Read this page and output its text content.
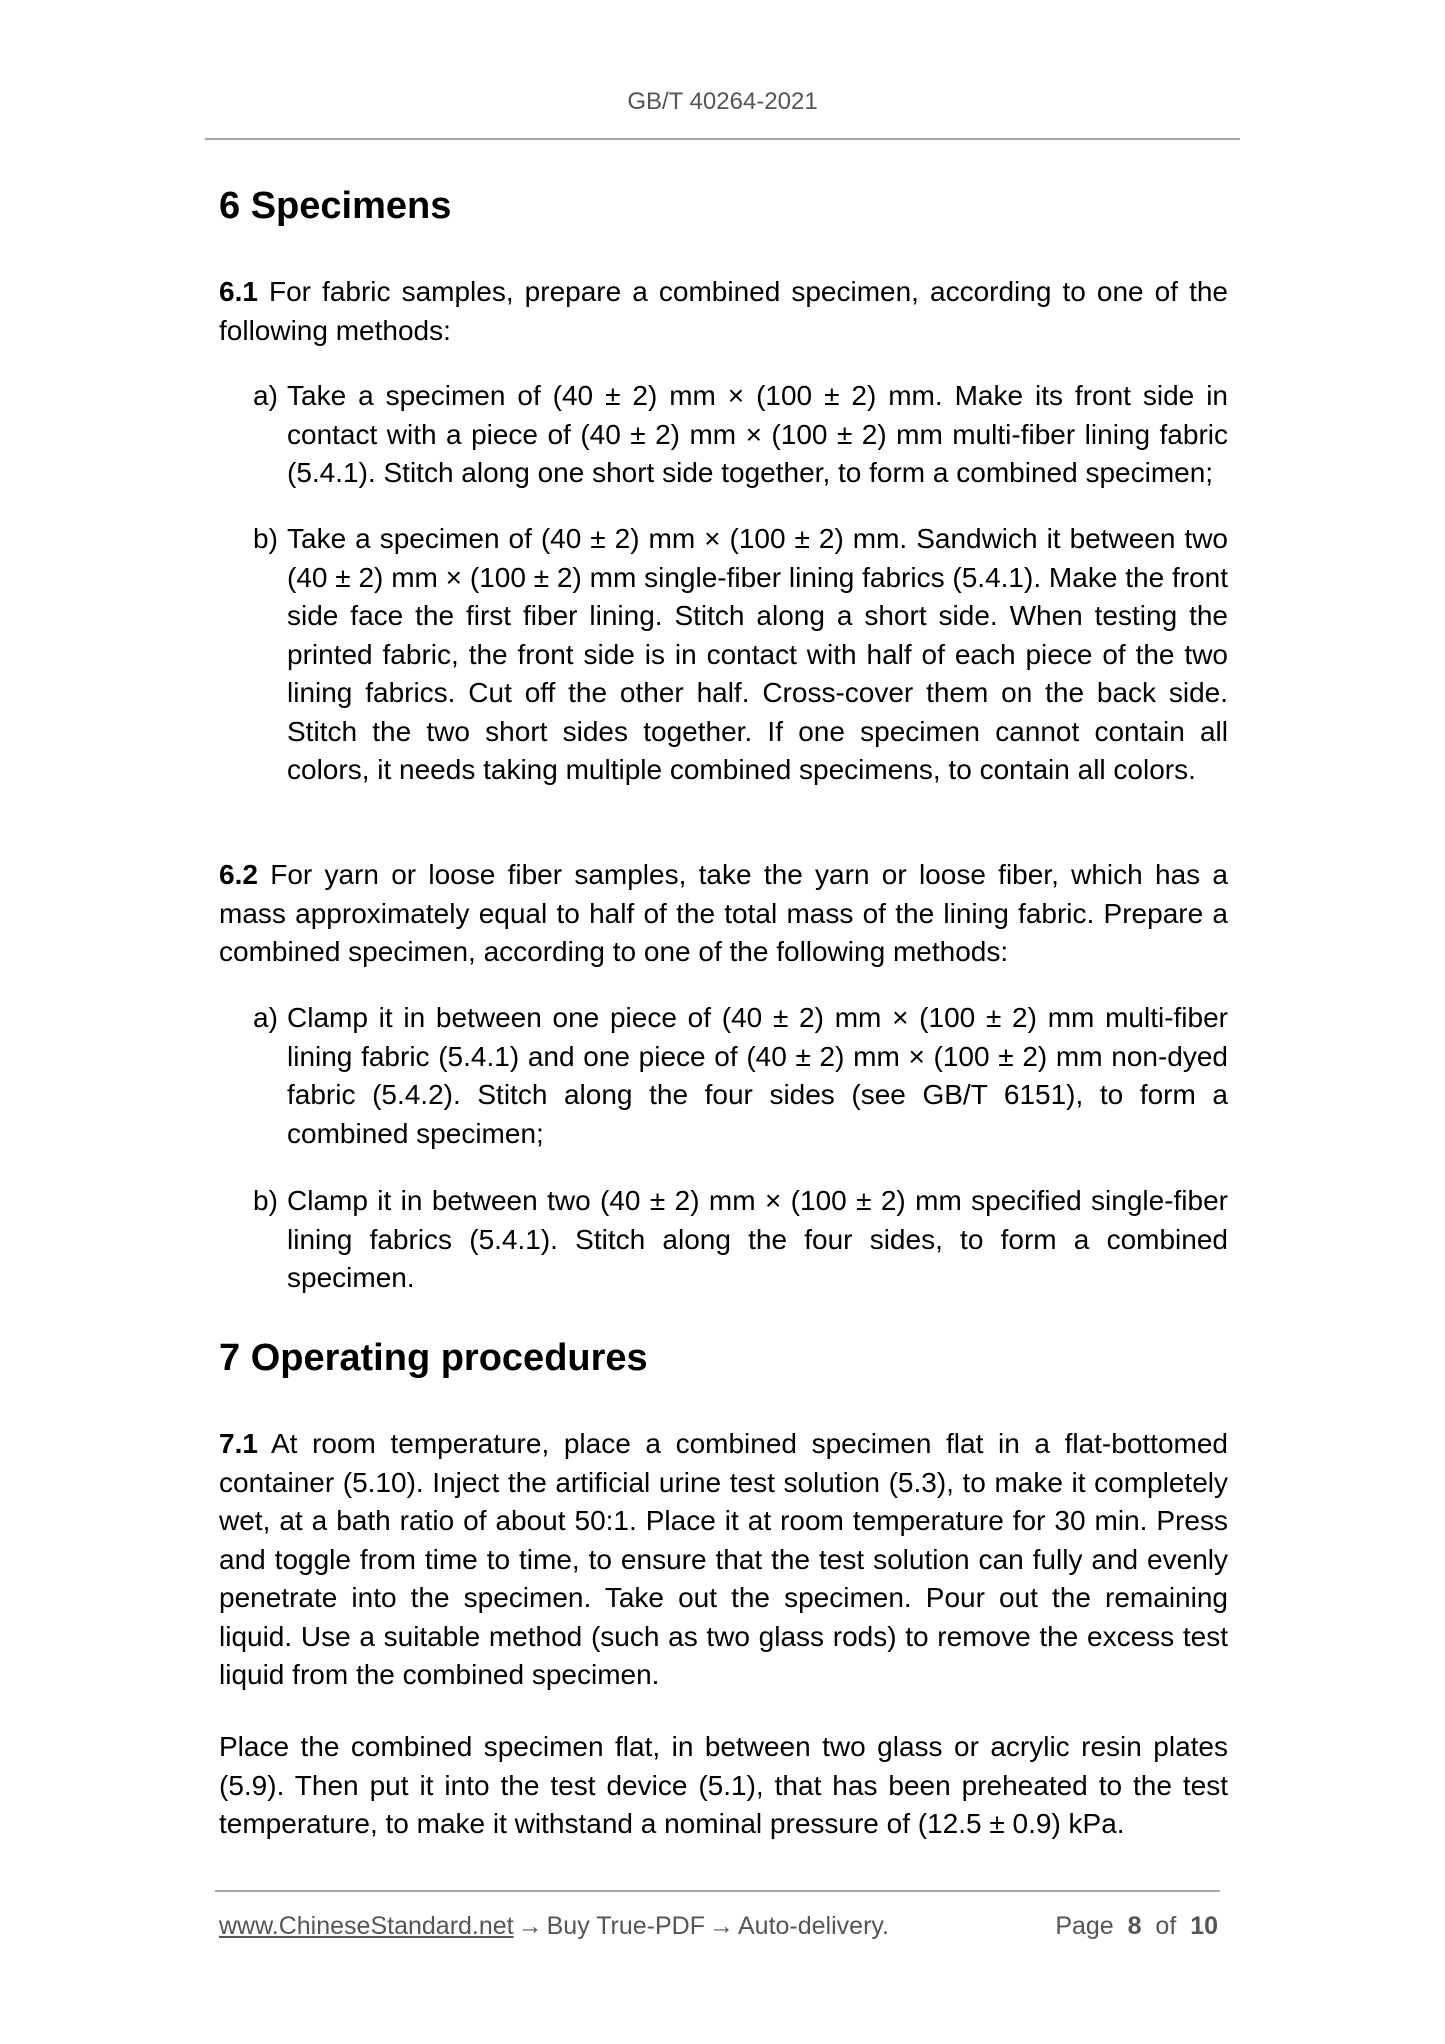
GB/T 40264-2021
6 Specimens
6.1 For fabric samples, prepare a combined specimen, according to one of the following methods:
a) Take a specimen of (40 ± 2) mm × (100 ± 2) mm. Make its front side in contact with a piece of (40 ± 2) mm × (100 ± 2) mm multi-fiber lining fabric (5.4.1). Stitch along one short side together, to form a combined specimen;
b) Take a specimen of (40 ± 2) mm × (100 ± 2) mm. Sandwich it between two (40 ± 2) mm × (100 ± 2) mm single-fiber lining fabrics (5.4.1). Make the front side face the first fiber lining. Stitch along a short side. When testing the printed fabric, the front side is in contact with half of each piece of the two lining fabrics. Cut off the other half. Cross-cover them on the back side. Stitch the two short sides together. If one specimen cannot contain all colors, it needs taking multiple combined specimens, to contain all colors.
6.2 For yarn or loose fiber samples, take the yarn or loose fiber, which has a mass approximately equal to half of the total mass of the lining fabric. Prepare a combined specimen, according to one of the following methods:
a) Clamp it in between one piece of (40 ± 2) mm × (100 ± 2) mm multi-fiber lining fabric (5.4.1) and one piece of (40 ± 2) mm × (100 ± 2) mm non-dyed fabric (5.4.2). Stitch along the four sides (see GB/T 6151), to form a combined specimen;
b) Clamp it in between two (40 ± 2) mm × (100 ± 2) mm specified single-fiber lining fabrics (5.4.1). Stitch along the four sides, to form a combined specimen.
7 Operating procedures
7.1 At room temperature, place a combined specimen flat in a flat-bottomed container (5.10). Inject the artificial urine test solution (5.3), to make it completely wet, at a bath ratio of about 50:1. Place it at room temperature for 30 min. Press and toggle from time to time, to ensure that the test solution can fully and evenly penetrate into the specimen. Take out the specimen. Pour out the remaining liquid. Use a suitable method (such as two glass rods) to remove the excess test liquid from the combined specimen.
Place the combined specimen flat, in between two glass or acrylic resin plates (5.9). Then put it into the test device (5.1), that has been preheated to the test temperature, to make it withstand a nominal pressure of (12.5 ± 0.9) kPa.
www.ChineseStandard.net → Buy True-PDF → Auto-delivery.	Page 8 of 10
